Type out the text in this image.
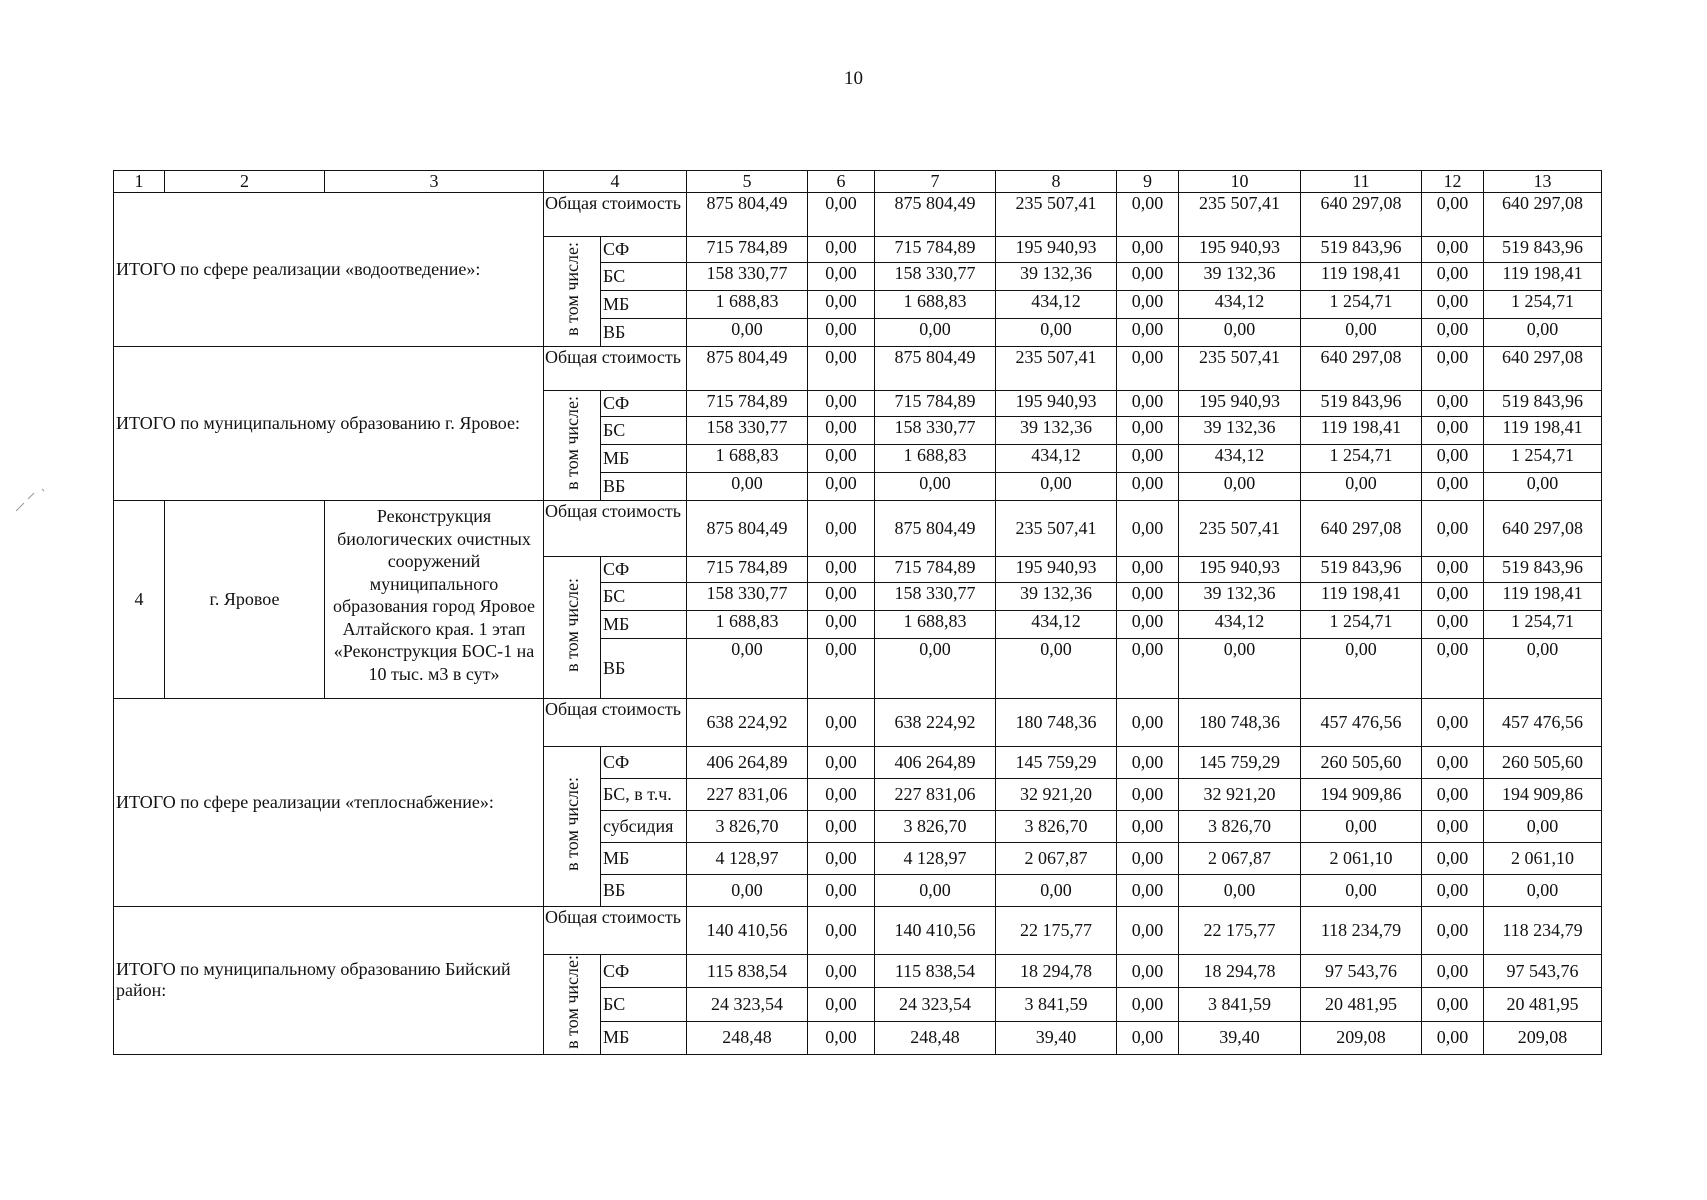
10
1	2	3	4		5	6	7	8	9	10	11	12	13
ИТОГО по сфере реализации «водоотведение»:			Общая стоимость		875 804,49	0,00	875 804,49	235 507,41	0,00	235 507,41	640 297,08	0,00	640 297,08
			в том числе:	СФ	715 784,89	0,00	715 784,89	195 940,93	0,00	195 940,93	519 843,96	0,00	519 843,96
				БС	158 330,77	0,00	158 330,77	39 132,36	0,00	39 132,36	119 198,41	0,00	119 198,41
				МБ	1 688,83	0,00	1 688,83	434,12	0,00	434,12	1 254,71	0,00	1 254,71
				ВБ	0,00	0,00	0,00	0,00	0,00	0,00	0,00	0,00	0,00
ИТОГО по муниципальному образованию г. Яровое:			Общая стоимость		875 804,49	0,00	875 804,49	235 507,41	0,00	235 507,41	640 297,08	0,00	640 297,08
			в том числе:	СФ	715 784,89	0,00	715 784,89	195 940,93	0,00	195 940,93	519 843,96	0,00	519 843,96
				БС	158 330,77	0,00	158 330,77	39 132,36	0,00	39 132,36	119 198,41	0,00	119 198,41
				МБ	1 688,83	0,00	1 688,83	434,12	0,00	434,12	1 254,71	0,00	1 254,71
				ВБ	0,00	0,00	0,00	0,00	0,00	0,00	0,00	0,00	0,00
4	г. Яровое	Реконструкция биологических очистных сооружений муниципального образования город Яровое Алтайского края. 1 этап «Реконструкция БОС-1 на 10 тыс. м3 в сут»	Общая стоимость		875 804,49	0,00	875 804,49	235 507,41	0,00	235 507,41	640 297,08	0,00	640 297,08
			в том числе:	СФ	715 784,89	0,00	715 784,89	195 940,93	0,00	195 940,93	519 843,96	0,00	519 843,96
				БС	158 330,77	0,00	158 330,77	39 132,36	0,00	39 132,36	119 198,41	0,00	119 198,41
				МБ	1 688,83	0,00	1 688,83	434,12	0,00	434,12	1 254,71	0,00	1 254,71
				ВБ	0,00	0,00	0,00	0,00	0,00	0,00	0,00	0,00	0,00
ИТОГО по сфере реализации «теплоснабжение»:			Общая стоимость		638 224,92	0,00	638 224,92	180 748,36	0,00	180 748,36	457 476,56	0,00	457 476,56
			в том числе:	СФ	406 264,89	0,00	406 264,89	145 759,29	0,00	145 759,29	260 505,60	0,00	260 505,60
				БС, в т.ч.	227 831,06	0,00	227 831,06	32 921,20	0,00	32 921,20	194 909,86	0,00	194 909,86
				субсидия	3 826,70	0,00	3 826,70	3 826,70	0,00	3 826,70	0,00	0,00	0,00
				МБ	4 128,97	0,00	4 128,97	2 067,87	0,00	2 067,87	2 061,10	0,00	2 061,10
				ВБ	0,00	0,00	0,00	0,00	0,00	0,00	0,00	0,00	0,00
ИТОГО по муниципальному образованию Бийский район:			Общая стоимость		140 410,56	0,00	140 410,56	22 175,77	0,00	22 175,77	118 234,79	0,00	118 234,79
			в том числе:	СФ	115 838,54	0,00	115 838,54	18 294,78	0,00	18 294,78	97 543,76	0,00	97 543,76
				БС	24 323,54	0,00	24 323,54	3 841,59	0,00	3 841,59	20 481,95	0,00	20 481,95
				МБ	248,48	0,00	248,48	39,40	0,00	39,40	209,08	0,00	209,08
